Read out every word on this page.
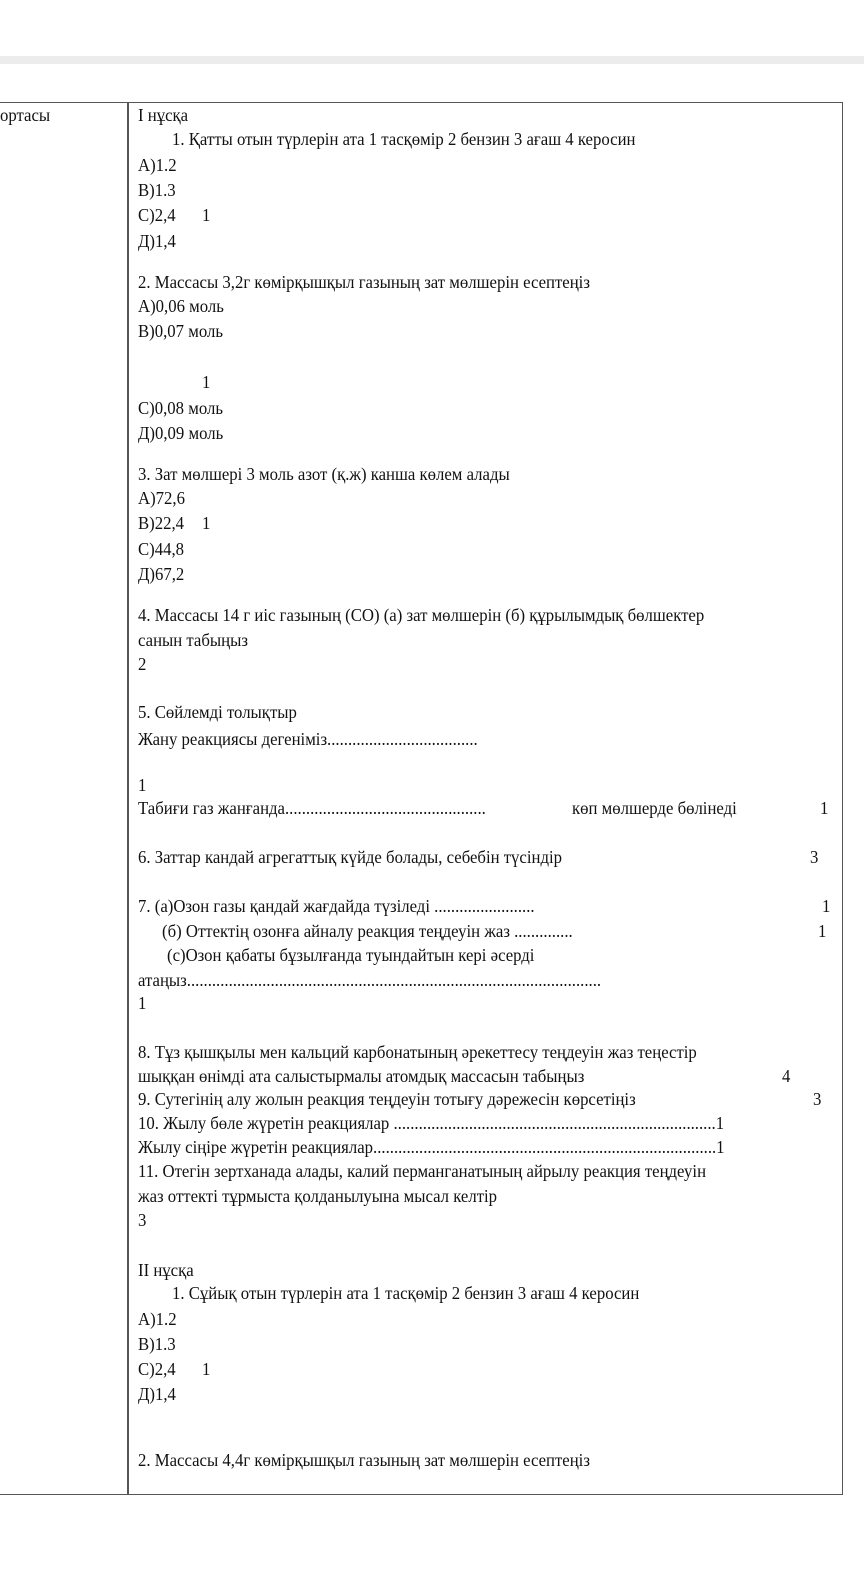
ортасы	І нұсқа
1. Қатты отын түрлерін ата 1 тасқөмір 2 бензин 3 ағаш 4 керосин
А)1.2
В)1.3
С)2,4 1
Д)1,4
2. Массасы 3,2г көмірқышқыл газының зат мөлшерін есептеңіз
А)0,06 моль
В)0,07 моль
1
С)0,08 моль
Д)0,09 моль
3. Зат мөлшері 3 моль азот (қ.ж) канша көлем алады
А)72,6
В)22,4 1
С)44,8
Д)67,2
4. Массасы 14 г иіс газының (СО) (а) зат мөлшерін (б) құрылымдық бөлшектер
санын табыңыз
2
5. Сөйлемді толықтыр
Жану реакциясы дегеніміз....................................
1
Табиғи газ жанғанда................................................	көп мөлшерде бөлінеді	1
6. Заттар кандай агрегаттық күйде болады, себебін түсіндір	3
7. (а)Озон газы қандай жағдайда түзіледі ........................	1
(б) Оттектің озонға айналу реакция теңдеуін жаз ..............	1
(с)Озон қабаты бұзылғанда туындайтын кері әсерді
атаңыз...................................................................................................
1
8. Тұз қышқылы мен кальций карбонатының әрекеттесу теңдеуін жаз теңестір
шыққан өнімді ата салыстырмалы атомдық массасын табыңыз	4
9. Сутегінің алу жолын реакция теңдеуін тотығу дәрежесін көрсетіңіз	3
10. Жылу бөле жүретін реакциялар .............................................................................1
Жылу сіңіре жүретін реакциялар..................................................................................1
11. Отегін зертханада алады, калий перманганатының айрылу реакция теңдеуін
жаз оттекті тұрмыста қолданылуына мысал келтір
3
ІІ нұсқа
1. Сұйық отын түрлерін ата 1 тасқөмір 2 бензин 3 ағаш 4 керосин
А)1.2
В)1.3
С)2,4 1
Д)1,4
2. Массасы 4,4г көмірқышқыл газының зат мөлшерін есептеңіз
